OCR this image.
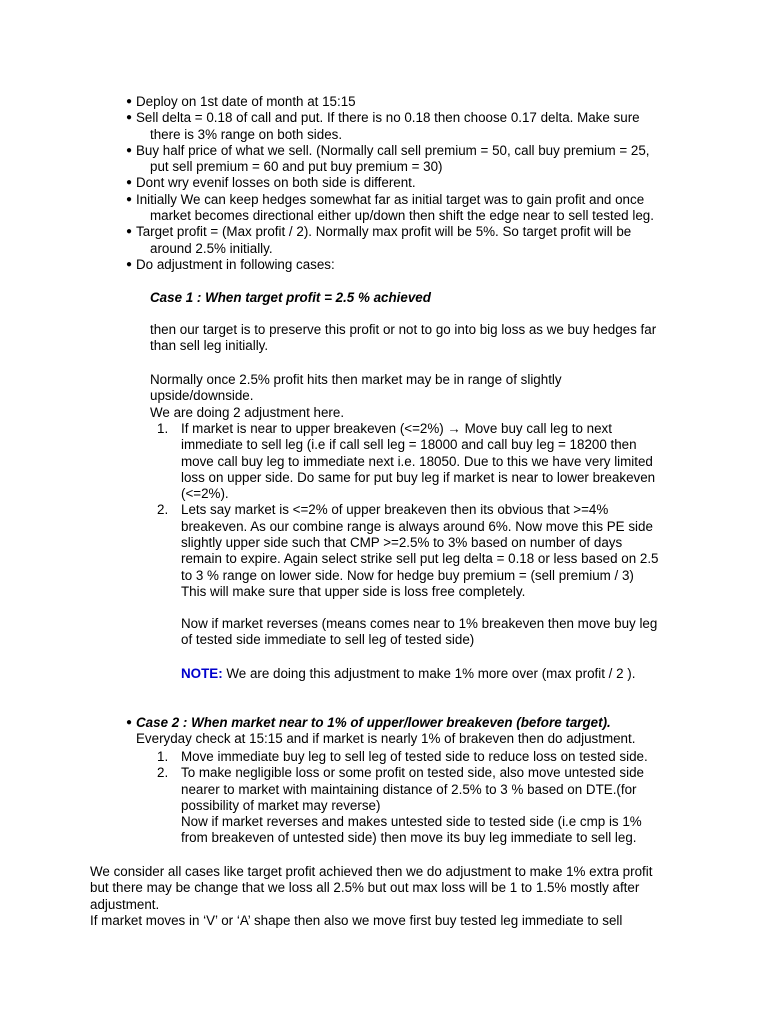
● Deploy on 1st date of month at 15:15
● Sell delta = 0.18 of call and put. If there is no 0.18 then choose 0.17 delta. Make sure
there is 3% range on both sides.
● Buy half price of what we sell. (Normally call sell premium = 50, call buy premium = 25,
put sell premium = 60 and put buy premium = 30)
● Dont wry evenif losses on both side is different.
● Initially We can keep hedges somewhat far as initial target was to gain profit and once
market becomes directional either up/down then shift the edge near to sell tested leg.
● Target profit = (Max profit / 2). Normally max profit will be 5%. So target profit will be
around 2.5% initially.
● Do adjustment in following cases:
Case 1 : When target profit = 2.5 % achieved
then our target is to preserve this profit or not to go into big loss as we buy hedges far
than sell leg initially.
Normally once 2.5% profit hits then market may be in range of slightly
upside/downside.
We are doing 2 adjustment here.
1. If market is near to upper breakeven (<=2%) → Move buy call leg to next
immediate to sell leg (i.e if call sell leg = 18000 and call buy leg = 18200 then
move call buy leg to immediate next i.e. 18050. Due to this we have very limited
loss on upper side. Do same for put buy leg if market is near to lower breakeven
(<=2%).
2. Lets say market is <=2% of upper breakeven then its obvious that >=4%
breakeven. As our combine range is always around 6%. Now move this PE side
slightly upper side such that CMP >=2.5% to 3% based on number of days
remain to expire. Again select strike sell put leg delta = 0.18 or less based on 2.5
to 3 % range on lower side. Now for hedge buy premium = (sell premium / 3)
This will make sure that upper side is loss free completely.
Now if market reverses (means comes near to 1% breakeven then move buy leg
of tested side immediate to sell leg of tested side)
NOTE: We are doing this adjustment to make 1% more over (max profit / 2 ).
● Case 2 : When market near to 1% of upper/lower breakeven (before target).
Everyday check at 15:15 and if market is nearly 1% of brakeven then do adjustment.
1. Move immediate buy leg to sell leg of tested side to reduce loss on tested side.
2. To make negligible loss or some profit on tested side, also move untested side
nearer to market with maintaining distance of 2.5% to 3 % based on DTE.(for
possibility of market may reverse)
Now if market reverses and makes untested side to tested side (i.e cmp is 1%
from breakeven of untested side) then move its buy leg immediate to sell leg.
We consider all cases like target profit achieved then we do adjustment to make 1% extra profit
but there may be change that we loss all 2.5% but out max loss will be 1 to 1.5% mostly after
adjustment.
If market moves in ‘V’ or ‘A’ shape then also we move first buy tested leg immediate to sell
